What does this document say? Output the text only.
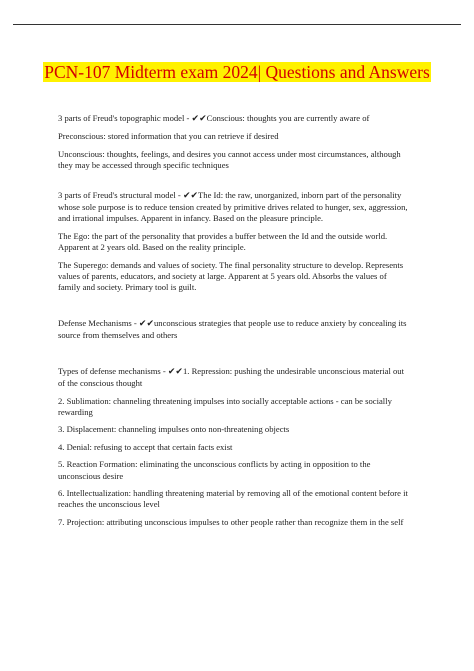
PCN-107 Midterm exam 2024| Questions and Answers

3 parts of Freud's topographic model - ✔✔Conscious: thoughts you are currently aware of

Preconscious: stored information that you can retrieve if desired

Unconscious: thoughts, feelings, and desires you cannot access under most circumstances, although they may be accessed through specific techniques

3 parts of Freud's structural model - ✔✔The Id: the raw, unorganized, inborn part of the personality whose sole purpose is to reduce tension created by primitive drives related to hunger, sex, aggression, and irrational impulses. Apparent in infancy. Based on the pleasure principle.

The Ego: the part of the personality that provides a buffer between the Id and the outside world. Apparent at 2 years old. Based on the reality principle.

The Superego: demands and values of society. The final personality structure to develop. Represents values of parents, educators, and society at large. Apparent at 5 years old. Absorbs the values of family and society. Primary tool is guilt.

Defense Mechanisms - ✔✔unconscious strategies that people use to reduce anxiety by concealing its source from themselves and others

Types of defense mechanisms - ✔✔1. Repression: pushing the undesirable unconscious material out of the conscious thought

2. Sublimation: channeling threatening impulses into socially acceptable actions - can be socially rewarding

3. Displacement: channeling impulses onto non-threatening objects

4. Denial: refusing to accept that certain facts exist

5. Reaction Formation: eliminating the unconscious conflicts by acting in opposition to the unconscious desire

6. Intellectualization: handling threatening material by removing all of the emotional content before it reaches the unconscious level

7. Projection: attributing unconscious impulses to other people rather than recognize them in the self
